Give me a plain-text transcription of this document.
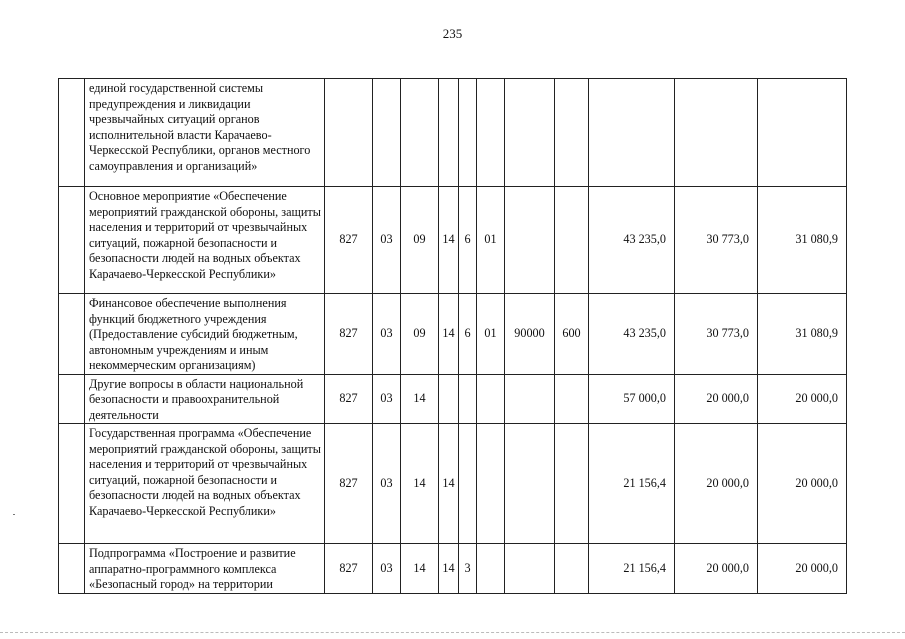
235
	единой государственной системы предупреждения и ликвидации чрезвычайных ситуаций органов исполнительной власти Карачаево-Черкесской Республики, органов местного самоуправления и организаций»											
	Основное мероприятие «Обеспечение мероприятий гражданской обороны, защиты населения и территорий от чрезвычайных ситуаций, пожарной безопасности и безопасности людей на водных объектах Карачаево-Черкесской Республики»	827	03	09	14	6	01			43 235,0	30 773,0	31 080,9
	Финансовое обеспечение выполнения функций бюджетного учреждения (Предоставление субсидий бюджетным, автономным учреждениям и иным некоммерческим организациям)	827	03	09	14	6	01	90000	600	43 235,0	30 773,0	31 080,9
	Другие вопросы в области национальной безопасности и правоохранительной деятельности	827	03	14						57 000,0	20 000,0	20 000,0
	Государственная программа «Обеспечение мероприятий гражданской обороны, защиты населения и территорий от чрезвычайных ситуаций, пожарной безопасности и безопасности людей на водных объектах Карачаево-Черкесской Республики»	827	03	14	14					21 156,4	20 000,0	20 000,0
	Подпрограмма «Построение и развитие аппаратно-программного комплекса «Безопасный город» на территории	827	03	14	14	3				21 156,4	20 000,0	20 000,0
